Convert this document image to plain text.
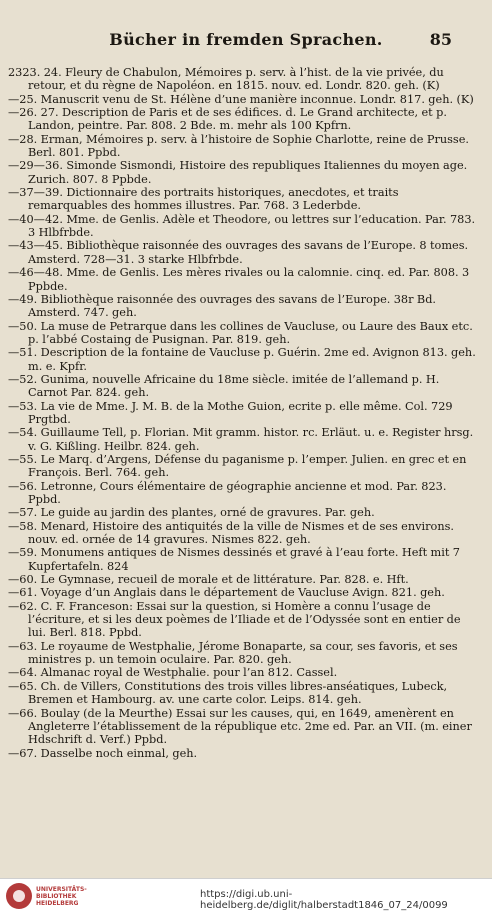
Bücher in fremden Sprachen.	85

2323. 24. Fleury de Chabulon, Mémoires p. serv. à l’hist. de la vie privée, du retour, et du règne de Napoléon. en 1815. nouv. ed. Londr. 820. geh. (K)

—25. Manuscrit venu de St. Hélène d’une manière inconnue. Londr. 817. geh. (K)

—26. 27. Description de Paris et de ses édifices. d. Le Grand architecte, et p. Landon, peintre. Par. 808. 2 Bde. m. mehr als 100 Kpfrn.

—28. Erman, Mémoires p. serv. à l’histoire de Sophie Charlotte, reine de Prusse. Berl. 801. Ppbd.

—29—36. Simonde Sismondi, Histoire des republiques Italiennes du moyen age. Zurich. 807. 8 Ppbde.

—37—39. Dictionnaire des portraits historiques, anecdotes, et traits remarquables des hommes illustres. Par. 768. 3 Lederbde.

—40—42. Mme. de Genlis. Adèle et Theodore, ou lettres sur l’education. Par. 783. 3 Hlbfrbde.

—43—45. Bibliothèque raisonnée des ouvrages des savans de l’Europe. 8 tomes. Amsterd. 728—31. 3 starke Hlbfrbde.

—46—48. Mme. de Genlis. Les mères rivales ou la calomnie. cinq. ed. Par. 808. 3 Ppbde.

—49. Bibliothèque raisonnée des ouvrages des savans de l’Europe. 38r Bd. Amsterd. 747. geh.

—50. La muse de Petrarque dans les collines de Vaucluse, ou Laure des Baux etc. p. l’abbé Costaing de Pusignan. Par. 819. geh.

—51. Description de la fontaine de Vaucluse p. Guérin. 2me ed. Avignon 813. geh. m. e. Kpfr.

—52. Gunima, nouvelle Africaine du 18me siècle. imitée de l’allemand p. H. Carnot Par. 824. geh.

—53. La vie de Mme. J. M. B. de la Mothe Guion, ecrite p. elle même. Col. 729 Prgtbd.

—54. Guillaume Tell, p. Florian. Mit gramm. histor. rc. Erläut. u. e. Register hrsg. v. G. Kißling. Heilbr. 824. geh.

—55. Le Marq. d’Argens, Défense du paganisme p. l’emper. Julien. en grec et en François. Berl. 764. geh.

—56. Letronne, Cours élémentaire de géographie ancienne et mod. Par. 823. Ppbd.

—57. Le guide au jardin des plantes, orné de gravures. Par. geh.

—58. Menard, Histoire des antiquités de la ville de Nismes et de ses environs. nouv. ed. ornée de 14 gravures. Nismes 822. geh.

—59. Monumens antiques de Nismes dessinés et gravé à l’eau forte. Heft mit 7 Kupfertafeln. 824

—60. Le Gymnase, recueil de morale et de littérature. Par. 828. e. Hft.

—61. Voyage d’un Anglais dans le département de Vaucluse Avign. 821. geh.

—62. C. F. Franceson: Essai sur la question, si Homère a connu l’usage de l’écriture, et si les deux poèmes de l’Iliade et de l’Odyssée sont en entier de lui. Berl. 818. Ppbd.

—63. Le royaume de Westphalie, Jérome Bonaparte, sa cour, ses favoris, et ses ministres p. un temoin oculaire. Par. 820. geh.

—64. Almanac royal de Westphalie. pour l’an 812. Cassel.

—65. Ch. de Villers, Constitutions des trois villes libres-anséatiques, Lubeck, Bremen et Hambourg. av. une carte color. Leips. 814. geh.

—66. Boulay (de la Meurthe) Essai sur les causes, qui, en 1649, amenèrent en Angleterre l’établissement de la république etc. 2me ed. Par. an VII. (m. einer Hdschrift d. Verf.) Ppbd.

—67. Dasselbe noch einmal, geh.

UNIVERSITÄTS- BIBLIOTHEK HEIDELBERG
https://digi.ub.uni-heidelberg.de/diglit/halberstadt1846_07_24/0099
